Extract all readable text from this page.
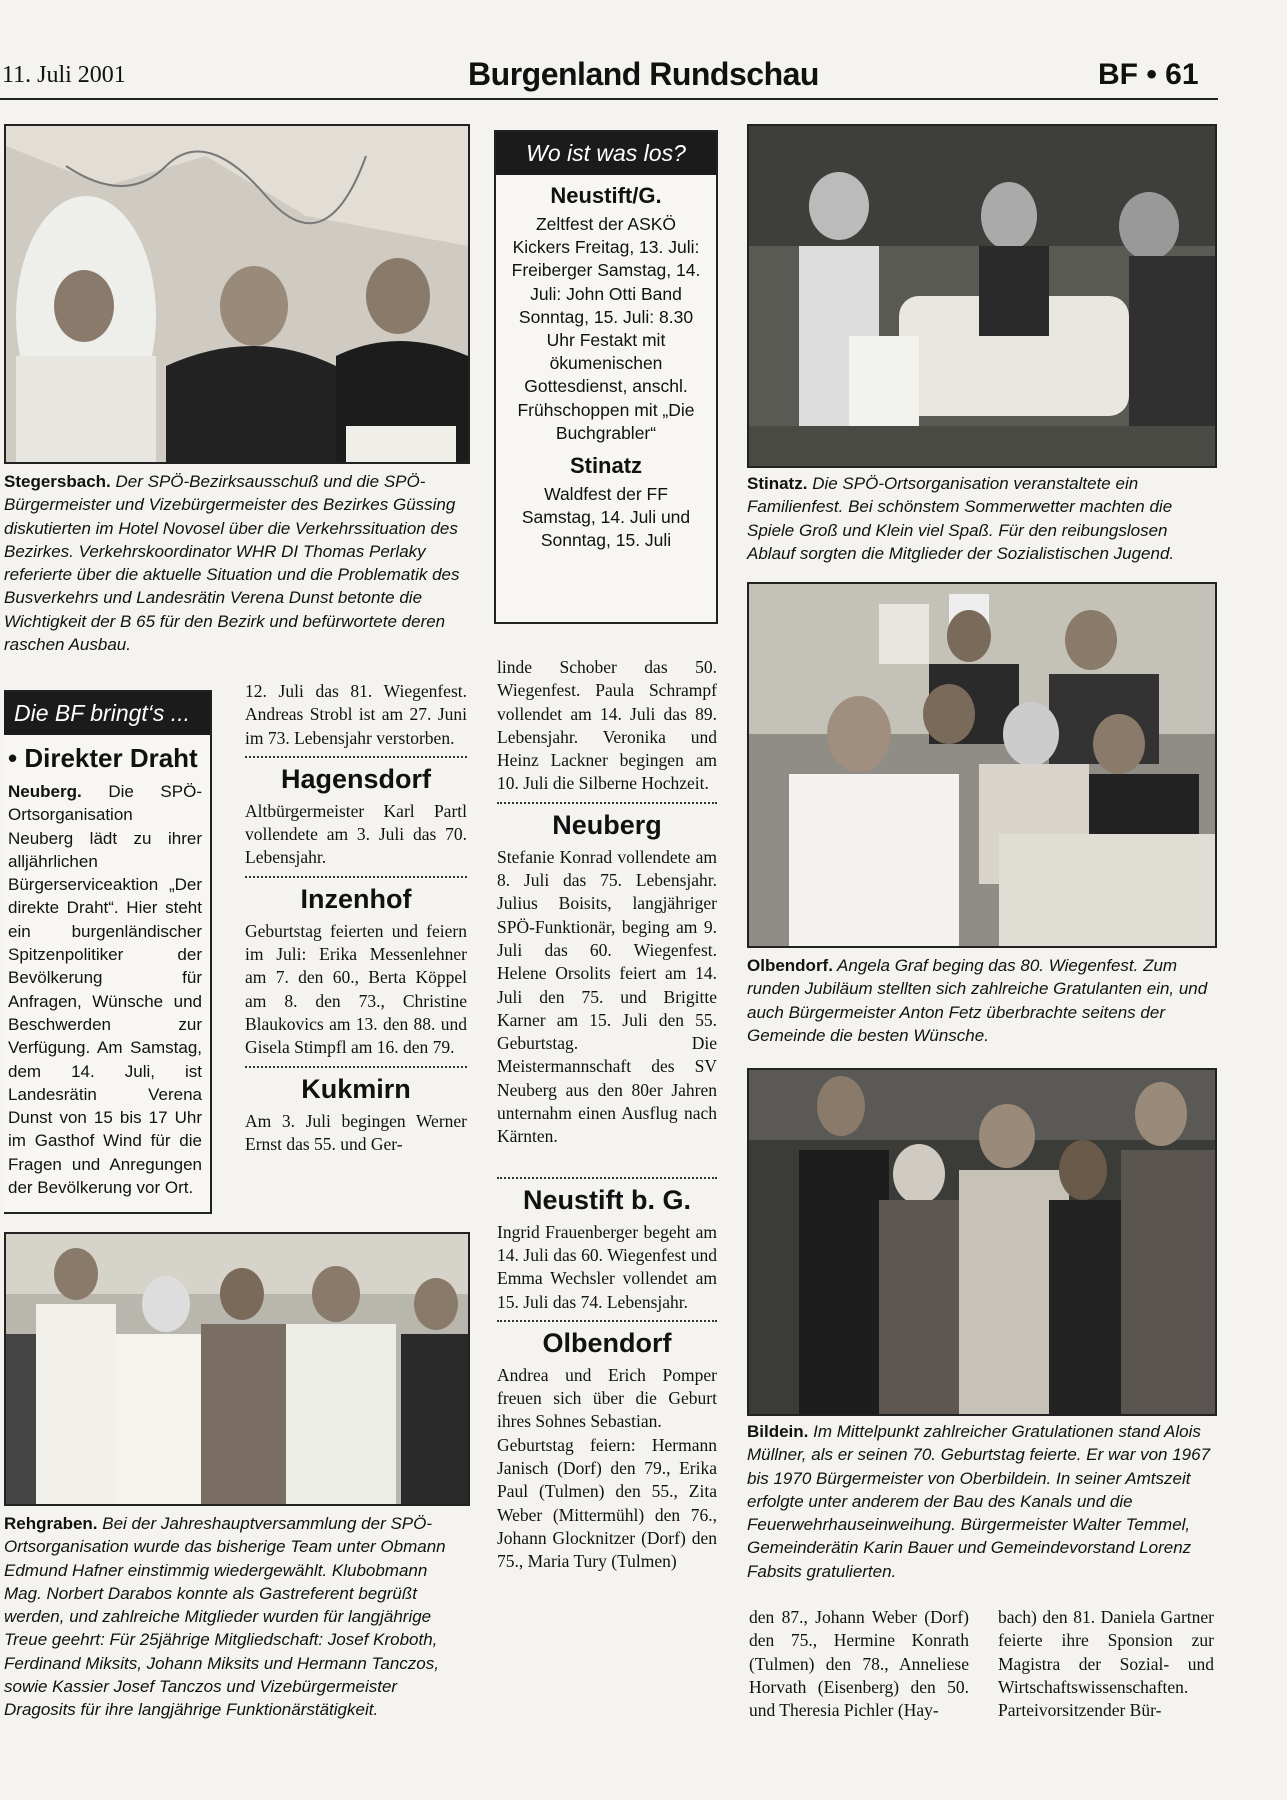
11. Juli 2001	Burgenland Rundschau	BF • 61
Stegersbach. Der SPÖ-Bezirksausschuß und die SPÖ-Bürgermeister und Vizebürgermeister des Bezirkes Güssing diskutierten im Hotel Novosel über die Verkehrssituation des Bezirkes. Verkehrskoordinator WHR DI Thomas Perlaky referierte über die aktuelle Situation und die Problematik des Busverkehrs und Landesrätin Verena Dunst betonte die Wichtigkeit der B 65 für den Bezirk und befürwortete deren raschen Ausbau.
Wo ist was los?
Neustift/G.
Zeltfest der ASKÖ Kickers Freitag, 13. Juli: Freiberger Samstag, 14. Juli: John Otti Band Sonntag, 15. Juli: 8.30 Uhr Festakt mit ökumenischen Gottesdienst, anschl. Frühschoppen mit „Die Buchgrabler“
Stinatz
Waldfest der FF Samstag, 14. Juli und Sonntag, 15. Juli
Stinatz. Die SPÖ-Ortsorganisation veranstaltete ein Familienfest. Bei schönstem Sommerwetter machten die Spiele Groß und Klein viel Spaß. Für den reibungslosen Ablauf sorgten die Mitglieder der Sozialistischen Jugend.
Olbendorf. Angela Graf beging das 80. Wiegenfest. Zum runden Jubiläum stellten sich zahlreiche Gratulanten ein, und auch Bürgermeister Anton Fetz überbrachte seitens der Gemeinde die besten Wünsche.
Die BF bringt‘s ...
• Direkter Draht
Neuberg. Die SPÖ-Ortsorganisation Neuberg lädt zu ihrer alljährlichen Bürgerserviceaktion „Der direkte Draht“. Hier steht ein burgenländischer Spitzenpolitiker der Bevölkerung für Anfragen, Wünsche und Beschwerden zur Verfügung. Am Samstag, dem 14. Juli, ist Landesrätin Verena Dunst von 15 bis 17 Uhr im Gasthof Wind für die Fragen und Anregungen der Bevölkerung vor Ort.

12. Juli das 81. Wiegenfest. Andreas Strobl ist am 27. Juni im 73. Lebensjahr verstorben.

Hagensdorf

Altbürgermeister Karl Partl vollendete am 3. Juli das 70. Lebensjahr.

Inzenhof

Geburtstag feierten und feiern im Juli: Erika Messenlehner am 7. den 60., Berta Köppel am 8. den 73., Christine Blaukovics am 13. den 88. und Gisela Stimpfl am 16. den 79.

Kukmirn

Am 3. Juli begingen Werner Ernst das 55. und Ger-

linde Schober das 50. Wiegenfest. Paula Schrampf vollendet am 14. Juli das 89. Lebensjahr. Veronika und Heinz Lackner begingen am 10. Juli die Silberne Hochzeit.

Neuberg

Stefanie Konrad vollendete am 8. Juli das 75. Lebensjahr. Julius Boisits, langjähriger SPÖ-Funktionär, beging am 9. Juli das 60. Wiegenfest. Helene Orsolits feiert am 14. Juli den 75. und Brigitte Karner am 15. Juli den 55. Geburtstag. Die Meistermannschaft des SV Neuberg aus den 80er Jahren unternahm einen Ausflug nach Kärnten.

Neustift b. G.

Ingrid Frauenberger begeht am 14. Juli das 60. Wiegenfest und Emma Wechsler vollendet am 15. Juli das 74. Lebensjahr.

Olbendorf

Andrea und Erich Pomper freuen sich über die Geburt ihres Sohnes Sebastian.

Geburtstag feiern: Hermann Janisch (Dorf) den 79., Erika Paul (Tulmen) den 55., Zita Weber (Mittermühl) den 76., Johann Glocknitzer (Dorf) den 75., Maria Tury (Tulmen)

Rehgraben. Bei der Jahreshauptversammlung der SPÖ-Ortsorganisation wurde das bisherige Team unter Obmann Edmund Hafner einstimmig wiedergewählt. Klubobmann Mag. Norbert Darabos konnte als Gastreferent begrüßt werden, und zahlreiche Mitglieder wurden für langjährige Treue geehrt: Für 25jährige Mitgliedschaft: Josef Kroboth, Ferdinand Miksits, Johann Miksits und Hermann Tanczos, sowie Kassier Josef Tanczos und Vizebürgermeister Dragosits für ihre langjährige Funktionärstätigkeit.
Bildein. Im Mittelpunkt zahlreicher Gratulationen stand Alois Müllner, als er seinen 70. Geburtstag feierte. Er war von 1967 bis 1970 Bürgermeister von Oberbildein. In seiner Amtszeit erfolgte unter anderem der Bau des Kanals und die Feuerwehrhauseinweihung. Bürgermeister Walter Temmel, Gemeinderätin Karin Bauer und Gemeindevorstand Lorenz Fabsits gratulierten.

den 87., Johann Weber (Dorf) den 75., Hermine Konrath (Tulmen) den 78., Anneliese Horvath (Eisenberg) den 50. und Theresia Pichler (Hay-

bach) den 81. Daniela Gartner feierte ihre Sponsion zur Magistra der Sozial- und Wirtschaftswissenschaften. Parteivorsitzender Bür-
